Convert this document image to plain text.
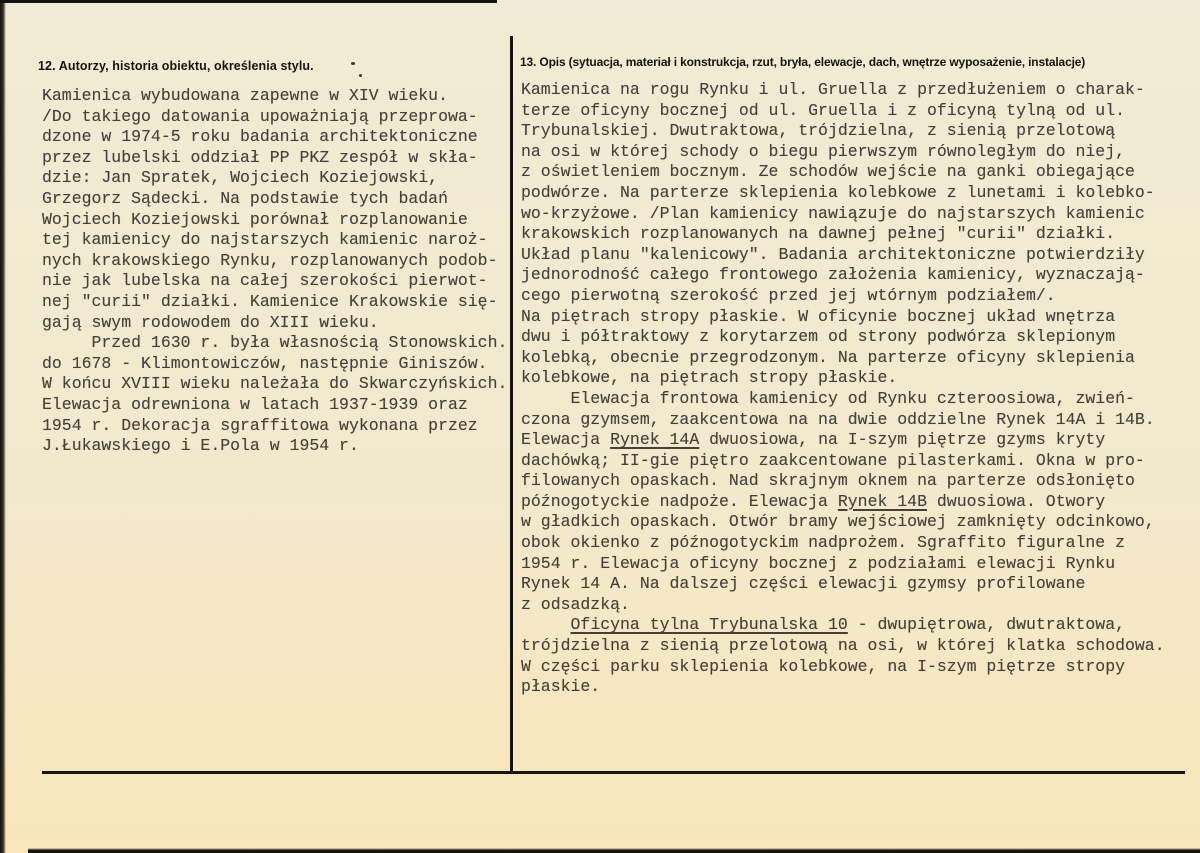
12. Autorzy, historia obiektu, określenia stylu.
Kamienica wybudowana zapewne w XIV wieku.
/Do takiego datowania upoważniają przeprowa-
dzone w 1974-5 roku badania architektoniczne
przez lubelski oddział PP PKZ zespół w skła-
dzie: Jan Spratek, Wojciech Koziejowski,
Grzegorz Sądecki. Na podstawie tych badań
Wojciech Koziejowski porównał rozplanowanie
tej kamienicy do najstarszych kamienic naroż-
nych krakowskiego Rynku, rozplanowanych podob-
nie jak lubelska na całej szerokości pierwot-
nej "curii" działki. Kamienice Krakowskie się-
gają swym rodowodem do XIII wieku.
Przed 1630 r. była własnością Stonowskich.
do 1678 - Klimontowiczów, następnie Giniszów.
W końcu XVIII wieku należała do Skwarczyńskich.
Elewacja odrewniona w latach 1937-1939 oraz
1954 r. Dekoracja sgraffitowa wykonana przez
J.Łukawskiego i E.Pola w 1954 r.
13. Opis (sytuacja, materiał i konstrukcja, rzut, bryła, elewacje, dach, wnętrze wyposażenie, instalacje)
Kamienica na rogu Rynku i ul. Gruella z przedłużeniem o charak-
terze oficyny bocznej od ul. Gruella i z oficyną tylną od ul.
Trybunalskiej. Dwutraktowa, trójdzielna, z sienią przelotową
na osi w której schody o biegu pierwszym równoległym do niej,
z oświetleniem bocznym. Ze schodów wejście na ganki obiegające
podwórze. Na parterze sklepienia kolebkowe z lunetami i kolebko-
wo-krzyżowe. /Plan kamienicy nawiązuje do najstarszych kamienic
krakowskich rozplanowanych na dawnej pełnej "curii" działki.
Układ planu "kalenicowy". Badania architektoniczne potwierdziły
jednorodność całego frontowego założenia kamienicy, wyznaczają-
cego pierwotną szerokość przed jej wtórnym podziałem/.
Na piętrach stropy płaskie. W oficynie bocznej układ wnętrza
dwu i półtraktowy z korytarzem od strony podwórza sklepionym
kolebką, obecnie przegrodzonym. Na parterze oficyny sklepienia
kolebkowe, na piętrach stropy płaskie.
Elewacja frontowa kamienicy od Rynku czteroosiowa, zwień-
czona gzymsem, zaakcentowa na na dwie oddzielne Rynek 14A i 14B.
Elewacja Rynek 14A dwuosiowa, na I-szym piętrze gzyms kryty
dachówką; II-gie piętro zaakcentowane pilasterkami. Okna w pro-
filowanych opaskach. Nad skrajnym oknem na parterze odsłonięto
późnogotyckie nadpoże. Elewacja Rynek 14B dwuosiowa. Otwory
w gładkich opaskach. Otwór bramy wejściowej zamknięty odcinkowo,
obok okienko z późnogotyckim nadprożem. Sgraffito figuralne z
1954 r. Elewacja oficyny bocznej z podziałami elewacji Rynku
Rynek 14 A. Na dalszej części elewacji gzymsy profilowane
z odsadzką.
Oficyna tylna Trybunalska 10 - dwupiętrowa, dwutraktowa,
trójdzielna z sienią przelotową na osi, w której klatka schodowa.
W części parku sklepienia kolebkowe, na I-szym piętrze stropy
płaskie.
